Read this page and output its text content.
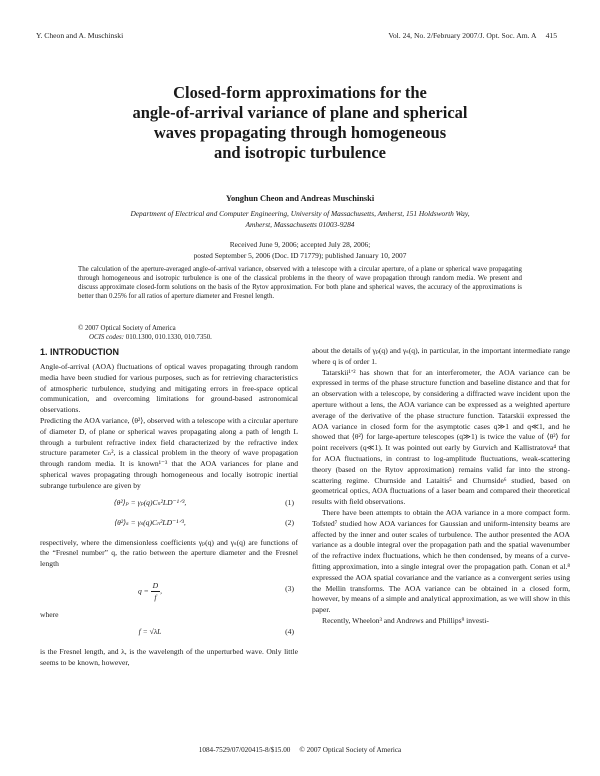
Y. Cheon and A. Muschinski	Vol. 24, No. 2/February 2007/J. Opt. Soc. Am. A     415
Closed-form approximations for the
angle-of-arrival variance of plane and spherical
waves propagating through homogeneous
and isotropic turbulence
Yonghun Cheon and Andreas Muschinski
Department of Electrical and Computer Engineering, University of Massachusetts, Amherst, 151 Holdsworth Way,
Amherst, Massachusetts 01003-9284
Received June 9, 2006; accepted July 28, 2006;
posted September 5, 2006 (Doc. ID 71779); published January 10, 2007
The calculation of the aperture-averaged angle-of-arrival variance, observed with a telescope with a circular aperture, of a plane or spherical wave propagating through homogeneous and isotropic turbulence is one of the classical problems in the theory of wave propagation through random media. We present and discuss approximate closed-form solutions on the basis of the Rytov approximation. For both plane and spherical waves, the accuracy of the approximations is better than 0.25% for all ratios of aperture diameter and Fresnel length.
© 2007 Optical Society of America
OCIS codes: 010.1300, 010.1330, 010.7350.
1. INTRODUCTION

Angle-of-arrival (AOA) fluctuations of optical waves propagating through random media have been studied for various purposes, such as for retrieving characteristics of atmospheric turbulence, studying and mitigating errors in free-space optical communication, and overcoming limitations for ground-based astronomical observations.

Predicting the AOA variance, ⟨θ²⟩, observed with a telescope with a circular aperture of diameter D, of plane or spherical waves propagating along a path of length L through a turbulent refractive index field characterized by the refractive index structure parameter Cₙ², is a classical problem in the theory of wave propagation through random media. It is known¹⁻³ that the AOA variances for plane and spherical waves propagating through homogeneous and locally isotropic inertial subrange turbulence are given by

⟨θ²⟩ₚ = γₚ(q)Cₙ²LD⁻¹ᐟ³,	(1)
⟨θ²⟩ₛ = γₛ(q)Cₙ²LD⁻¹ᐟ³,	(2)

respectively, where the dimensionless coefficients γₚ(q) and γₛ(q) are functions of the “Fresnel number” q, the ratio between the aperture diameter and the Fresnel length

$q = \frac{D}{f}$ ,	(3)

where

f = √λL	(4)

is the Fresnel length, and λ, is the wavelength of the unperturbed wave. Only little seems to be known, however,

about the details of γₚ(q) and γₛ(q), in particular, in the important intermediate range where q is of order 1.

Tatarskii¹ʼ² has shown that for an interferometer, the AOA variance can be expressed in terms of the phase structure function and baseline distance and that for an observation with a telescope, by considering a diffracted wave incident upon the aperture without a lens, the AOA variance can be expressed as a weighted aperture average of the derivative of the phase structure function. Tatarskii expressed the AOA variance in closed form for the asymptotic cases q≫1 and q≪1, and he showed that ⟨θ²⟩ for large-aperture telescopes (q≫1) is twice the value of ⟨θ²⟩ for point receivers (q≪1). It was pointed out early by Gurvich and Kallistratova⁴ that for AOA fluctuations, in contrast to log-amplitude fluctuations, weak-scattering theory (based on the Rytov approximation) remains valid far into the strong-scattering regime. Churnside and Lataitis⁵ and Churnside⁶ studied, based on geometrical optics, AOA fluctuations of a laser beam and compared their theoretical results with field observations.

There have been attempts to obtain the AOA variance in a more compact form. Tofsted⁷ studied how AOA variances for Gaussian and uniform-intensity beams are affected by the inner and outer scales of turbulence. The author presented the AOA variance as a double integral over the propagation path and the spatial wavenumber of the refractive index fluctuations, which he then condensed, by means of a curve-fitting approximation, into a single integral over the propagation path. Conan et al.⁸ expressed the AOA spatial covariance and the variance as a convergent series using the Mellin transforms. The AOA variance can be obtained in a closed form, however, by means of a simple and analytical approximation, as we will show in this paper.

Recently, Wheelon³ and Andrews and Phillips⁹ investi-

1084-7529/07/020415-8/$15.00     © 2007 Optical Society of America
